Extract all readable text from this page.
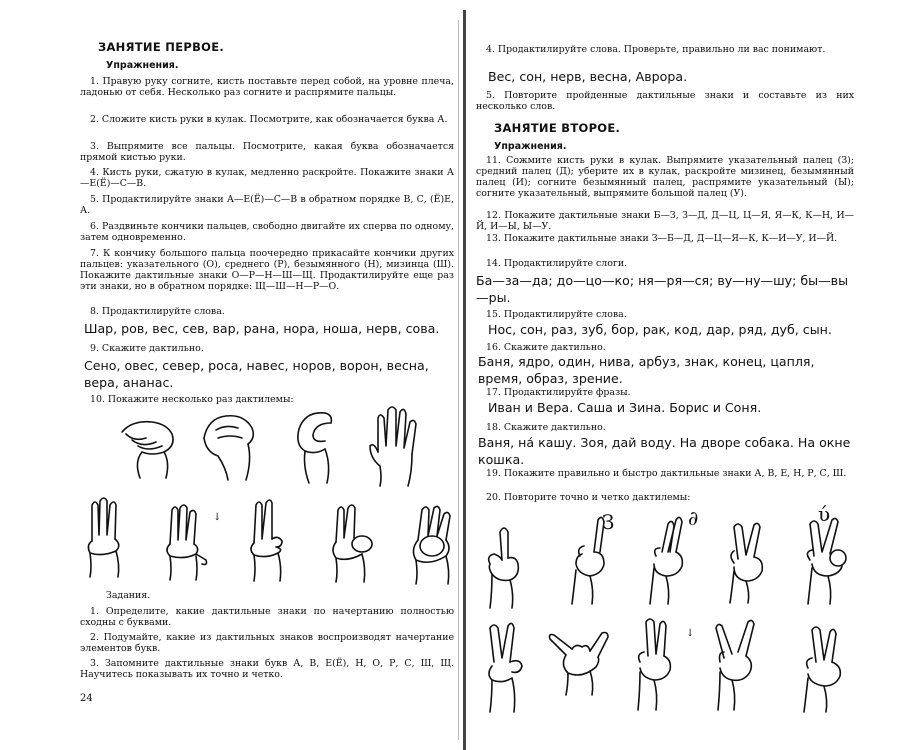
ЗАНЯТИЕ ПЕРВОЕ.
Упражнения.
1. Правую руку согните, кисть поставьте перед собой, на уровне плеча, ладонью от себя. Несколько раз согните и распрямите пальцы.
2. Сложите кисть руки в кулак. Посмотрите, как обозначается буква А.
3. Выпрямите все пальцы. Посмотрите, какая буква обозначается прямой кистью руки.
4. Кисть руки, сжатую в кулак, медленно раскройте. Покажите знаки А—Е(Ё)—С—В.
5. Продактилируйте знаки А—Е(Ё)—С—В в обратном порядке В, С, (Ё)Е, А.
6. Раздвиньте кончики пальцев, свободно двигайте их сперва по одному, затем одновременно.
7. К кончику большого пальца поочередно прикасайте кончики других пальцев: указательного (О), среднего (Р), безымянного (Н), мизинца (Ш). Покажите дактильные знаки О—Р—Н—Ш—Щ. Продактилируйте еще раз эти знаки, но в обратном порядке: Щ—Ш—Н—Р—О.
8. Продактилируйте слова.
Шар, ров, вес, сев, вар, рана, нора, ноша, нерв, сова.
9. Скажите дактильно.
Сено, овес, север, роса, навес, норов, ворон, весна, вера, ананас.
10. Покажите несколько раз дактилемы:
↓
Задания.
1. Определите, какие дактильные знаки по начертанию полностью сходны с буквами.
2. Подумайте, какие из дактильных знаков воспроизводят начертание элементов букв.
3. Запомните дактильные знаки букв А, В, Е(Ё), Н, О, Р, С, Ш, Щ. Научитесь показывать их точно и четко.
24
4. Продактилируйте слова. Проверьте, правильно ли вас понимают.
Вес, сон, нерв, весна, Аврора.
5. Повторите пройденные дактильные знаки и составьте из них несколько слов.
ЗАНЯТИЕ ВТОРОЕ.
Упражнения.
11. Сожмите кисть руки в кулак. Выпрямите указательный палец (З); средний палец (Д); уберите их в кулак, раскройте мизинец, безымянный палец (И); согните безымянный палец, распрямите указательный (Ы); согните указательный, выпрямите большой палец (У).
12. Покажите дактильные знаки Б—З, З—Д, Д—Ц, Ц—Я, Я—К, К—Н, И—Й, И—Ы, Ы—У.
13. Покажите дактильные знаки З—Б—Д, Д—Ц—Я—К, К—И—У, И—Й.
14. Продактилируйте слоги.
Ба—за—да; до—цо—ко; ня—ря—ся; ву—ну—шу; бы—вы—ры.
15. Продактилируйте слова.
Нос, сон, раз, зуб, бор, рак, код, дар, ряд, дуб, сын.
16. Скажите дактильно.
Баня, ядро, один, нива, арбуз, знак, конец, цапля, время, образ, зрение.
17. Продактилируйте фразы.
Иван и Вера. Саша и Зина. Борис и Соня.
18. Скажите дактильно.
Ваня, на́ кашу. Зоя, дай воду. На дворе собака. На окне кошка.
19. Покажите правильно и быстро дактильные знаки А, В, Е, Н, Р, С, Ш.
20. Повторите точно и четко дактилемы:
З	∂	ύ
↓
